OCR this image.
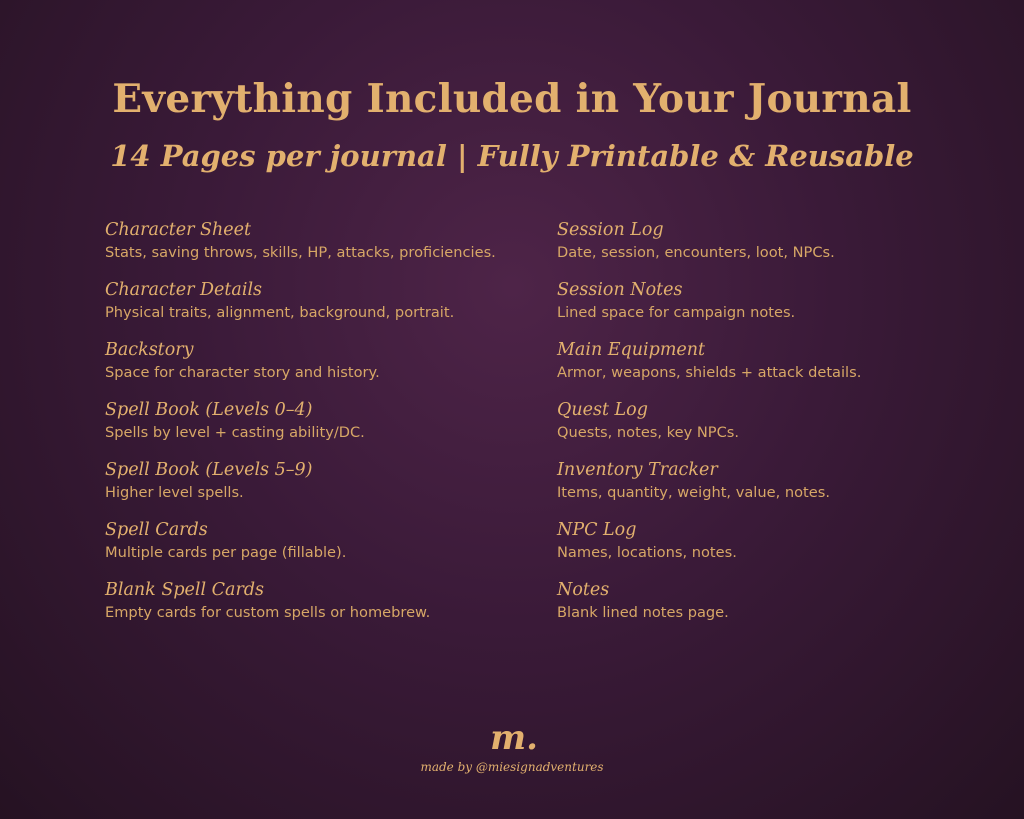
Everything Included in Your Journal
14 Pages per journal | Fully Printable & Reusable
Character Sheet
Stats, saving throws, skills, HP, attacks, proficiencies.
Character Details
Physical traits, alignment, background, portrait.
Backstory
Space for character story and history.
Spell Book (Levels 0–4)
Spells by level + casting ability/DC.
Spell Book (Levels 5–9)
Higher level spells.
Spell Cards
Multiple cards per page (fillable).
Blank Spell Cards
Empty cards for custom spells or homebrew.
Session Log
Date, session, encounters, loot, NPCs.
Session Notes
Lined space for campaign notes.
Main Equipment
Armor, weapons, shields + attack details.
Quest Log
Quests, notes, key NPCs.
Inventory Tracker
Items, quantity, weight, value, notes.
NPC Log
Names, locations, notes.
Notes
Blank lined notes page.
m.
made by @miesignadventures
